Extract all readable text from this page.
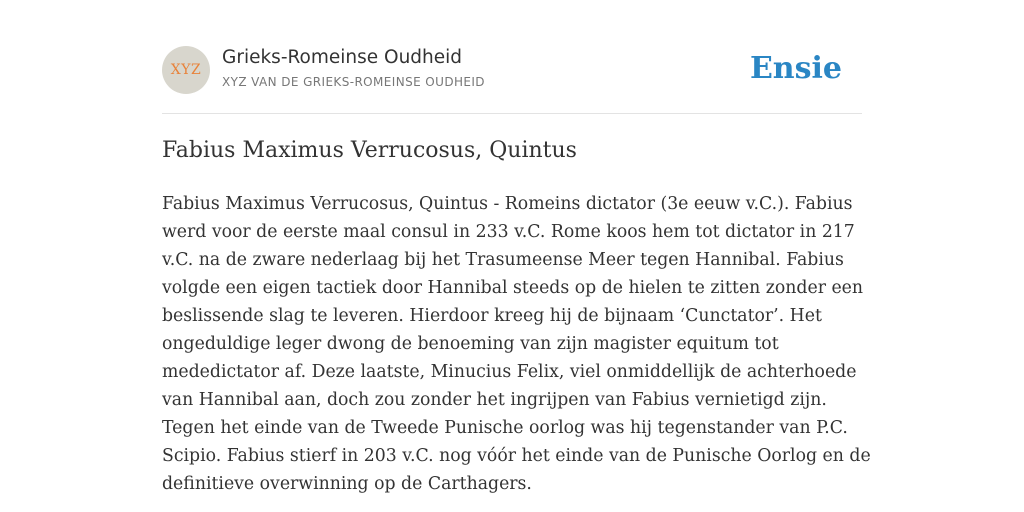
XYZ
Grieks-Romeinse Oudheid
XYZ VAN DE GRIEKS-ROMEINSE OUDHEID	Ensie
Fabius Maximus Verrucosus, Quintus
Fabius Maximus Verrucosus, Quintus - Romeins dictator (3e eeuw v.C.). Fabius
werd voor de eerste maal consul in 233 v.C. Rome koos hem tot dictator in 217
v.C. na de zware nederlaag bij het Trasumeense Meer tegen Hannibal. Fabius
volgde een eigen tactiek door Hannibal steeds op de hielen te zitten zonder een
beslissende slag te leveren. Hierdoor kreeg hij de bijnaam ‘Cunctator’. Het
ongeduldige leger dwong de benoeming van zijn magister equitum tot
mededictator af. Deze laatste, Minucius Felix, viel onmiddellijk de achterhoede
van Hannibal aan, doch zou zonder het ingrijpen van Fabius vernietigd zijn.
Tegen het einde van de Tweede Punische oorlog was hij tegenstander van P.C.
Scipio. Fabius stierf in 203 v.C. nog vóór het einde van de Punische Oorlog en de
definitieve overwinning op de Carthagers.
